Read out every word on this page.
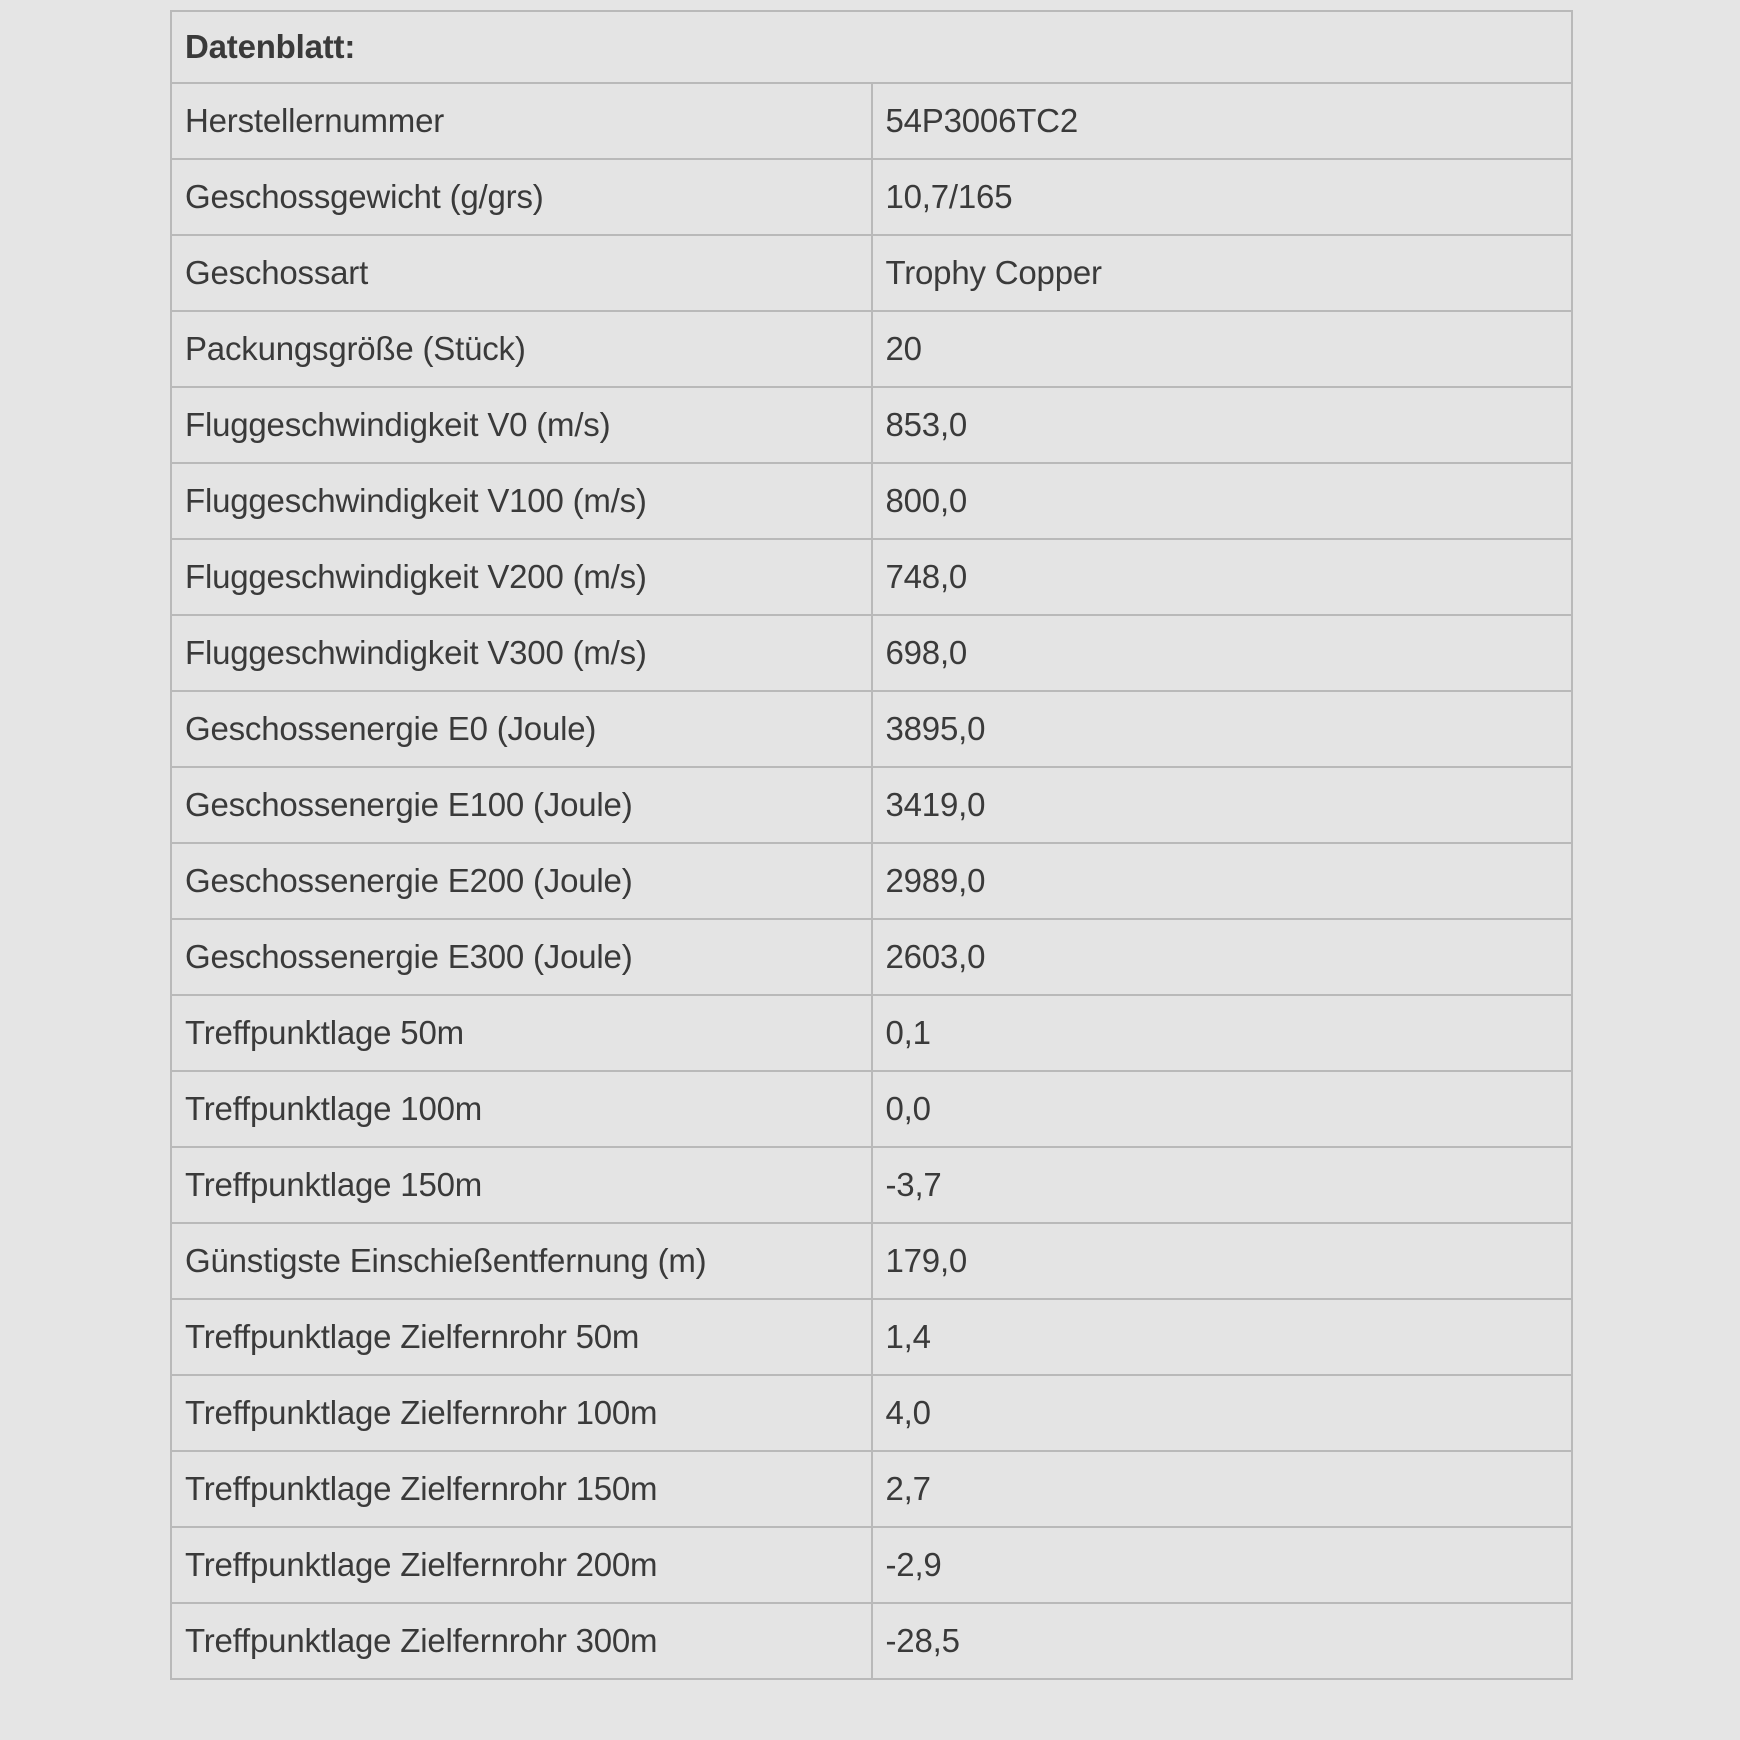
Datenblatt:	
Herstellernummer	54P3006TC2
Geschossgewicht (g/grs)	10,7/165
Geschossart	Trophy Copper
Packungsgröße (Stück)	20
Fluggeschwindigkeit V0 (m/s)	853,0
Fluggeschwindigkeit V100 (m/s)	800,0
Fluggeschwindigkeit V200 (m/s)	748,0
Fluggeschwindigkeit V300 (m/s)	698,0
Geschossenergie E0 (Joule)	3895,0
Geschossenergie E100 (Joule)	3419,0
Geschossenergie E200 (Joule)	2989,0
Geschossenergie E300 (Joule)	2603,0
Treffpunktlage 50m	0,1
Treffpunktlage 100m	0,0
Treffpunktlage 150m	-3,7
Günstigste Einschießentfernung (m)	179,0
Treffpunktlage Zielfernrohr 50m	1,4
Treffpunktlage Zielfernrohr 100m	4,0
Treffpunktlage Zielfernrohr 150m	2,7
Treffpunktlage Zielfernrohr 200m	-2,9
Treffpunktlage Zielfernrohr 300m	-28,5
